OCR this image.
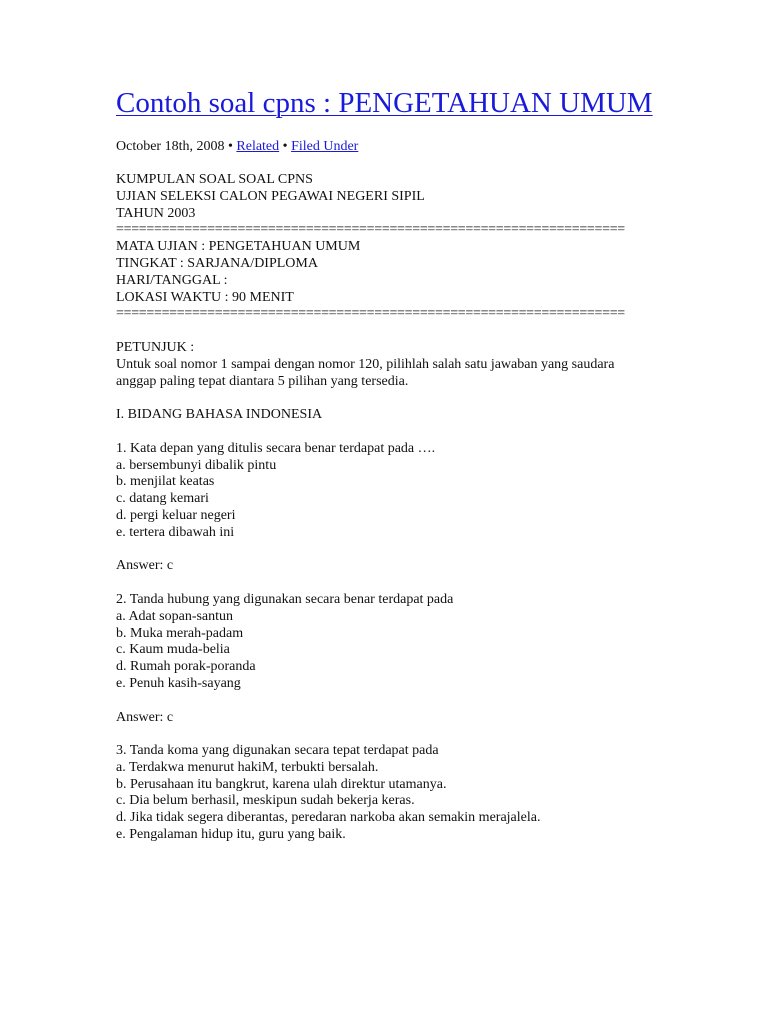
Contoh soal cpns : PENGETAHUAN UMUM
October 18th, 2008 • Related • Filed Under
KUMPULAN SOAL SOAL CPNS
UJIAN SELEKSI CALON PEGAWAI NEGERI SIPIL
TAHUN 2003
===================================================================
MATA UJIAN : PENGETAHUAN UMUM
TINGKAT : SARJANA/DIPLOMA
HARI/TANGGAL :
LOKASI WAKTU : 90 MENIT
===================================================================
PETUNJUK :
Untuk soal nomor 1 sampai dengan nomor 120, pilihlah salah satu jawaban yang saudara anggap paling tepat diantara 5 pilihan yang tersedia.
I. BIDANG BAHASA INDONESIA
1. Kata depan yang ditulis secara benar terdapat pada ….
a. bersembunyi dibalik pintu
b. menjilat keatas
c. datang kemari
d. pergi keluar negeri
e. tertera dibawah ini
Answer: c
2. Tanda hubung yang digunakan secara benar terdapat pada
a. Adat sopan-santun
b. Muka merah-padam
c. Kaum muda-belia
d. Rumah porak-poranda
e. Penuh kasih-sayang
Answer: c
3. Tanda koma yang digunakan secara tepat terdapat pada
a. Terdakwa menurut hakiM, terbukti bersalah.
b. Perusahaan itu bangkrut, karena ulah direktur utamanya.
c. Dia belum berhasil, meskipun sudah bekerja keras.
d. Jika tidak segera diberantas, peredaran narkoba akan semakin merajalela.
e. Pengalaman hidup itu, guru yang baik.
